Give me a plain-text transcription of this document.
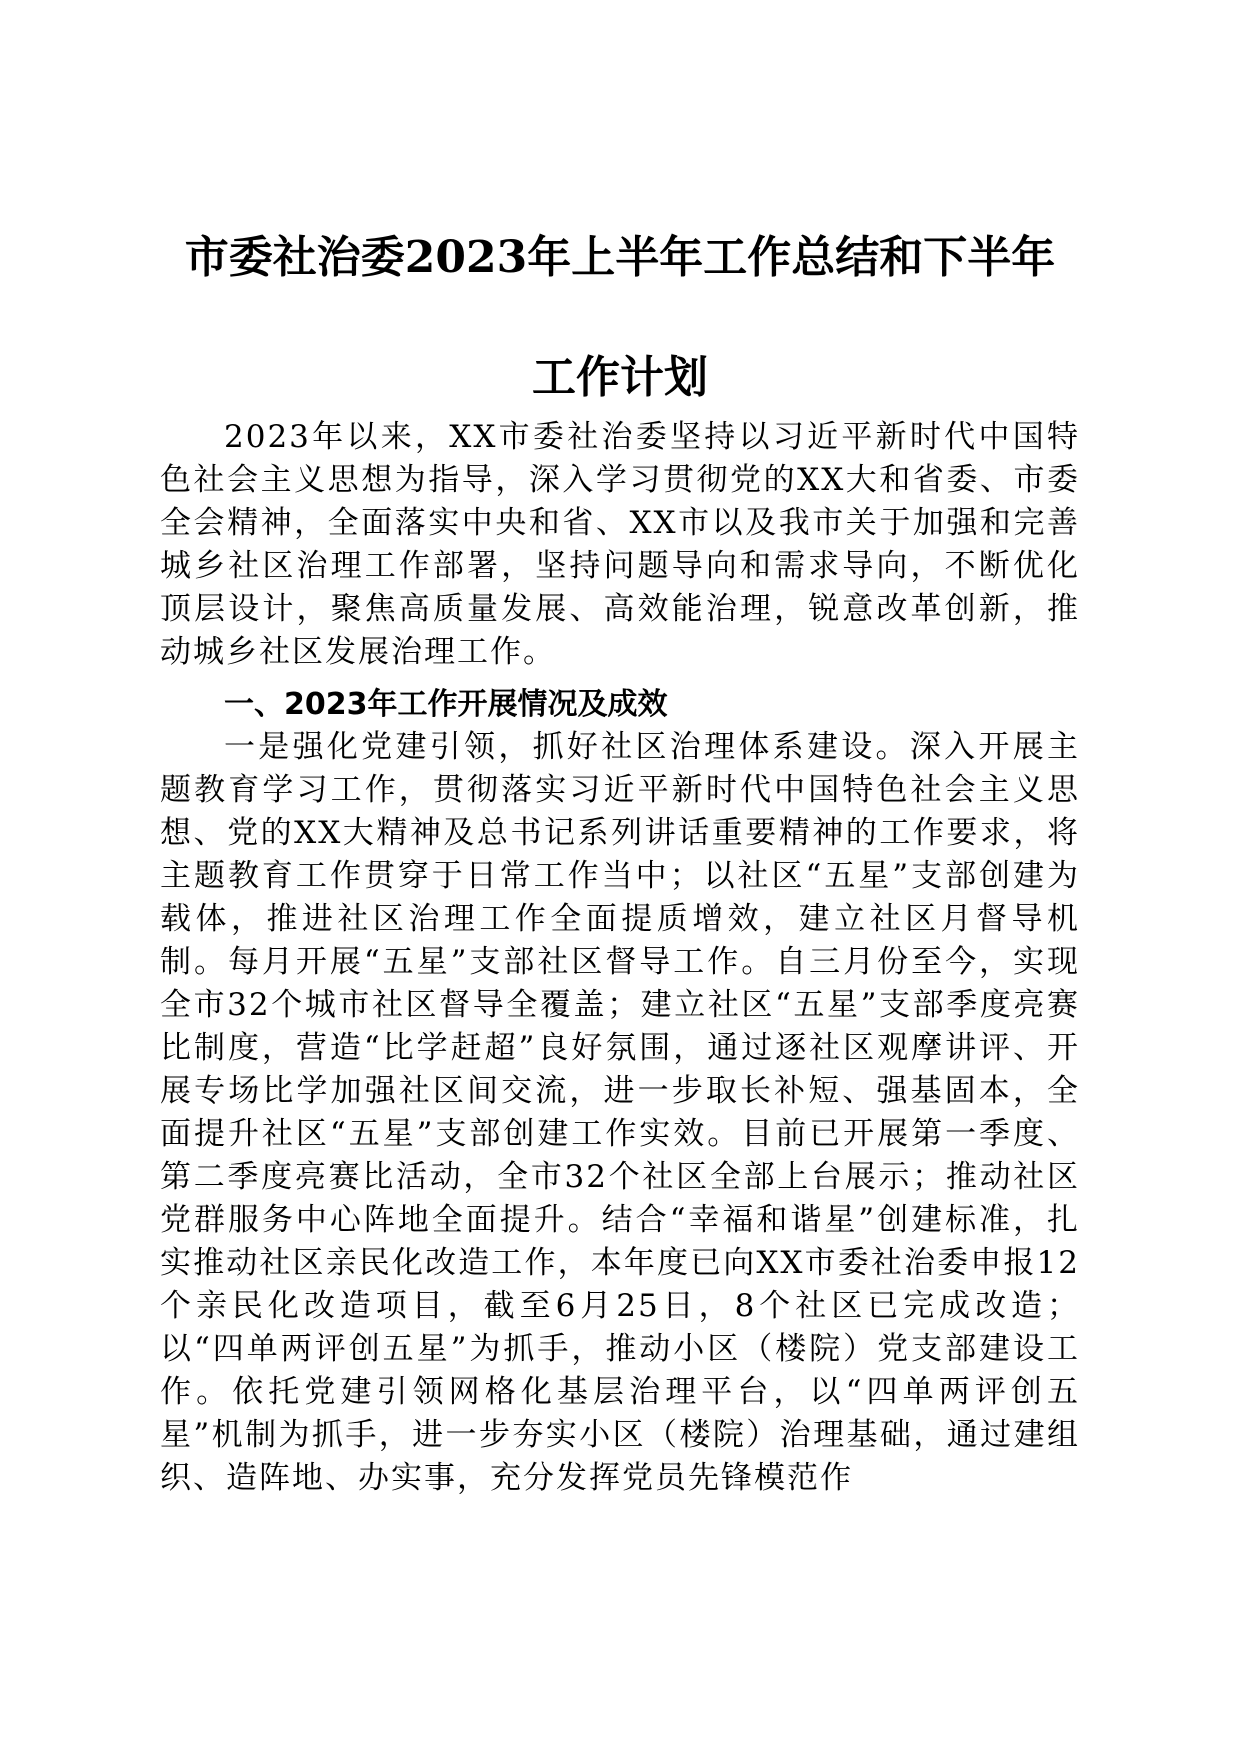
市委社治委2023年上半年工作总结和下半年
工作计划

2023年以来，XX市委社治委坚持以习近平新时代中国特色社会主义思想为指导，深入学习贯彻党的XX大和省委、市委全会精神，全面落实中央和省、XX市以及我市关于加强和完善城乡社区治理工作部署，坚持问题导向和需求导向，不断优化顶层设计，聚焦高质量发展、高效能治理，锐意改革创新，推动城乡社区发展治理工作。

一、2023年工作开展情况及成效

一是强化党建引领，抓好社区治理体系建设。深入开展主题教育学习工作，贯彻落实习近平新时代中国特色社会主义思想、党的XX大精神及总书记系列讲话重要精神的工作要求，将主题教育工作贯穿于日常工作当中；以社区“五星”支部创建为载体，推进社区治理工作全面提质增效，建立社区月督导机制。每月开展“五星”支部社区督导工作。自三月份至今，实现全市32个城市社区督导全覆盖；建立社区“五星”支部季度亮赛比制度，营造“比学赶超”良好氛围，通过逐社区观摩讲评、开展专场比学加强社区间交流，进一步取长补短、强基固本，全面提升社区“五星”支部创建工作实效。目前已开展第一季度、第二季度亮赛比活动，全市32个社区全部上台展示；推动社区党群服务中心阵地全面提升。结合“幸福和谐星”创建标准，扎实推动社区亲民化改造工作，本年度已向XX市委社治委申报12个亲民化改造项目，截至6月25日，8个社区已完成改造；以“四单两评创五星”为抓手，推动小区（楼院）党支部建设工作。依托党建引领网格化基层治理平台，以“四单两评创五星”机制为抓手，进一步夯实小区（楼院）治理基础，通过建组织、造阵地、办实事，充分发挥党员先锋模范作
